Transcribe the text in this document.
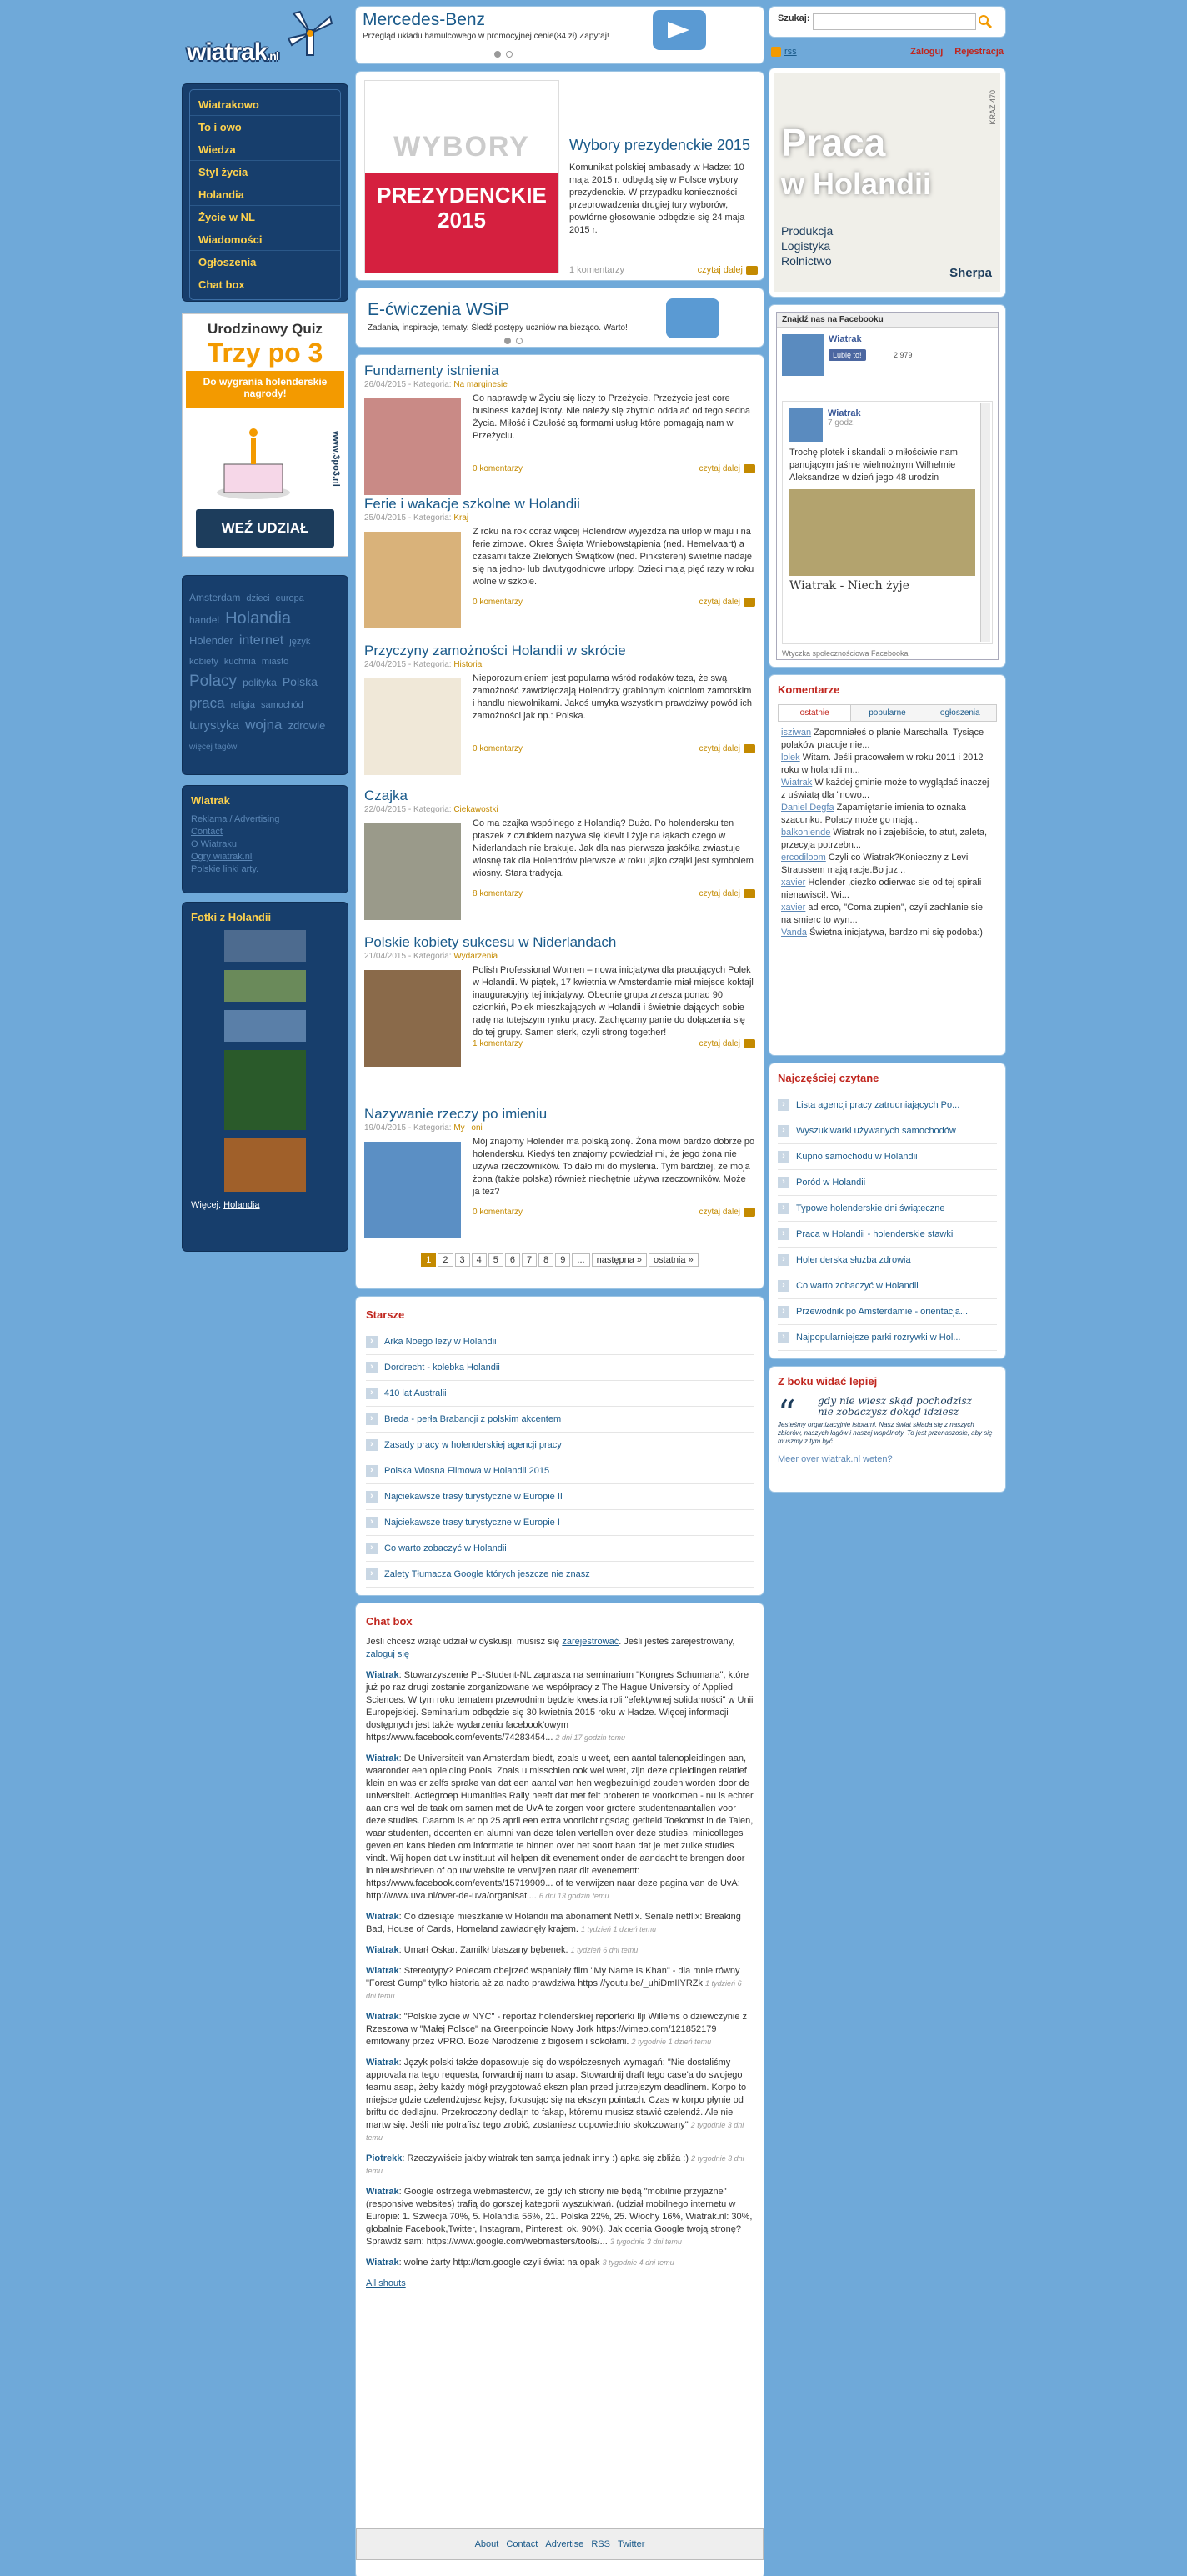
wiatrak.nl
Wiatrakowo
To i owo
Wiedza
Styl życia
Holandia
Życie w NL
Wiadomości
Ogłoszenia
Chat box
Urodzinowy Quiz
Trzy po 3
Do wygrania holenderskie nagrody!
www.3po3.nl
WEŹ UDZIAŁ
Amsterdam dzieci europa handel Holandia Holender internet język kobiety kuchnia miasto Polacy polityka Polska praca religia samochód turystyka wojna zdrowie więcej tagów
Wiatrak
Reklama / Advertising
Contact
O Wiatraku
Ogry wiatrak.nl
Polskie linki arty.
Fotki z Holandii
Więcej: Holandia
Mercedes-Benz
Przegląd układu hamulcowego w promocyjnej cenie(84 zł) Zapytaj!
WYBORY
PREZYDENCKIE 2015
Wybory prezydenckie 2015
Komunikat polskiej ambasady w Hadze: 10 maja 2015 r. odbędą się w Polsce wybory prezydenckie. W przypadku konieczności przeprowadzenia drugiej tury wyborów, powtórne głosowanie odbędzie się 24 maja 2015 r.
1 komentarzy	czytaj dalej
E-ćwiczenia WSiP
Zadania, inspiracje, tematy. Śledź postępy uczniów na bieżąco. Warto!
Fundamenty istnienia
26/04/2015 - Kategoria: Na marginesie
Co naprawdę w Życiu się liczy to Przeżycie. Przeżycie jest core business każdej istoty. Nie należy się zbytnio oddalać od tego sedna Życia. Miłość i Czułość są formami usług które pomagają nam w Przeżyciu.
0 komentarzy	czytaj dalej
Ferie i wakacje szkolne w Holandii
25/04/2015 - Kategoria: Kraj
Z roku na rok coraz więcej Holendrów wyjeżdża na urlop w maju i na ferie zimowe. Okres Święta Wniebowstąpienia (ned. Hemelvaart) a czasami także Zielonych Świątków (ned. Pinksteren) świetnie nadaje się na jedno- lub dwutygodniowe urlopy. Dzieci mają pięć razy w roku wolne w szkole.
0 komentarzy	czytaj dalej
Przyczyny zamożności Holandii w skrócie
24/04/2015 - Kategoria: Historia
Nieporozumieniem jest popularna wśród rodaków teza, że swą zamożność zawdzięczają Holendrzy grabionym koloniom zamorskim i handlu niewolnikami. Jakoś umyka wszystkim prawdziwy powód ich zamożności jak np.: Polska.
0 komentarzy	czytaj dalej
Czajka
22/04/2015 - Kategoria: Ciekawostki
Co ma czajka wspólnego z Holandią? Dużo. Po holendersku ten ptaszek z czubkiem nazywa się kievit i żyje na łąkach czego w Niderlandach nie brakuje. Jak dla nas pierwsza jaskółka zwiastuje wiosnę tak dla Holendrów pierwsze w roku jajko czajki jest symbolem wiosny. Stara tradycja.
8 komentarzy	czytaj dalej
Polskie kobiety sukcesu w Niderlandach
21/04/2015 - Kategoria: Wydarzenia
Polish Professional Women – nowa inicjatywa dla pracujących Polek w Holandii. W piątek, 17 kwietnia w Amsterdamie miał miejsce koktajl inauguracyjny tej inicjatywy. Obecnie grupa zrzesza ponad 90 członkiń, Polek mieszkających w Holandii i świetnie dających sobie radę na tutejszym rynku pracy. Zachęcamy panie do dołączenia się do tej grupy. Samen sterk, czyli strong together!
1 komentarzy	czytaj dalej
Nazywanie rzeczy po imieniu
19/04/2015 - Kategoria: My i oni
Mój znajomy Holender ma polską żonę. Żona mówi bardzo dobrze po holendersku. Kiedyś ten znajomy powiedział mi, że jego żona nie używa rzeczowników. To dało mi do myślenia. Tym bardziej, że moja żona (także polska) również niechętnie używa rzeczowników. Może ja też?
0 komentarzy	czytaj dalej
1 2 3 4 5 6 7 8 9 ... następna » ostatnia »
Starsze
› Arka Noego leży w Holandii
› Dordrecht - kolebka Holandii
› 410 lat Australii
› Breda - perła Brabancji z polskim akcentem
› Zasady pracy w holenderskiej agencji pracy
› Polska Wiosna Filmowa w Holandii 2015
› Najciekawsze trasy turystyczne w Europie II
› Najciekawsze trasy turystyczne w Europie I
› Co warto zobaczyć w Holandii
› Zalety Tłumacza Google których jeszcze nie znasz
Chat box
Jeśli chcesz wziąć udział w dyskusji, musisz się zarejestrować. Jeśli jesteś zarejestrowany, zaloguj się
Wiatrak: Stowarzyszenie PL-Student-NL zaprasza na seminarium "Kongres Schumana", które już po raz drugi zostanie zorganizowane we współpracy z The Hague University of Applied Sciences. W tym roku tematem przewodnim będzie kwestia roli "efektywnej solidarności" w Unii Europejskiej. Seminarium odbędzie się 30 kwietnia 2015 roku w Hadze. Więcej informacji dostępnych jest także wydarzeniu facebook'owym https://www.facebook.com/events/74283454... 2 dni 17 godzin temu
Wiatrak: De Universiteit van Amsterdam biedt, zoals u weet, een aantal talenopleidingen aan, waaronder een opleiding Pools. Zoals u misschien ook wel weet, zijn deze opleidingen relatief klein en was er zelfs sprake van dat een aantal van hen wegbezuinigd zouden worden door de universiteit. Actiegroep Humanities Rally heeft dat met feit proberen te voorkomen - nu is echter aan ons wel de taak om samen met de UvA te zorgen voor grotere studentenaantallen voor deze studies. Daarom is er op 25 april een extra voorlichtingsdag getiteld Toekomst in de Talen, waar studenten, docenten en alumni van deze talen vertellen over deze studies, minicolleges geven en kans bieden om informatie te binnen over het soort baan dat je met zulke studies vindt. Wij hopen dat uw instituut wil helpen dit evenement onder de aandacht te brengen door in nieuwsbrieven of op uw website te verwijzen naar dit evenement: https://www.facebook.com/events/15719909... of te verwijzen naar deze pagina van de UvA: http://www.uva.nl/over-de-uva/organisati... 6 dni 13 godzin temu
Wiatrak: Co dziesiąte mieszkanie w Holandii ma abonament Netflix. Seriale netflix: Breaking Bad, House of Cards, Homeland zawładnęły krajem. 1 tydzień 1 dzień temu
Wiatrak: Umarł Oskar. Zamilkł blaszany bębenek. 1 tydzień 6 dni temu
Wiatrak: Stereotypy? Polecam obejrzeć wspaniały film "My Name Is Khan" - dla mnie równy "Forest Gump" tylko historia aż za nadto prawdziwa https://youtu.be/_uhiDmIIYRZk 1 tydzień 6 dni temu
Wiatrak: "Polskie życie w NYC" - reportaż holenderskiej reporterki Ilji Willems o dziewczynie z Rzeszowa w "Małej Polsce" na Greenpoincie Nowy Jork https://vimeo.com/121852179 emitowany przez VPRO. Boże Narodzenie z bigosem i sokołami. 2 tygodnie 1 dzień temu
Wiatrak: Język polski także dopasowuje się do współczesnych wymagań: "Nie dostaliśmy approvala na tego requesta, forwardnij nam to asap. Stowardnij draft tego case'a do swojego teamu asap, żeby każdy mógł przygotować ekszn plan przed jutrzejszym deadlinem. Korpo to miejsce gdzie czelendżujesz kejsy, fokusując się na ekszyn pointach. Czas w korpo płynie od briftu do dedlajnu. Przekroczony dedlajn to fakap, któremu musisz stawić czelendż. Ale nie martw się. Jeśli nie potrafisz tego zrobić, zostaniesz odpowiednio skołczowany" 2 tygodnie 3 dni temu
Piotrekk: Rzeczywiście jakby wiatrak ten sam;a jednak inny :) apka się zbliża :) 2 tygodnie 3 dni temu
Wiatrak: Google ostrzega webmasterów, że gdy ich strony nie będą "mobilnie przyjazne" (responsive websites) trafią do gorszej kategorii wyszukiwań. (udział mobilnego internetu w Europie: 1. Szwecja 70%, 5. Holandia 56%, 21. Polska 22%, 25. Włochy 16%, Wiatrak.nl: 30%, globalnie Facebook,Twitter, Instagram, Pinterest: ok. 90%). Jak ocenia Google twoją stronę? Sprawdź sam: https://www.google.com/webmasters/tools/... 3 tygodnie 3 dni temu
Wiatrak: wolne żarty http://tcm.google czyli świat na opak 3 tygodnie 4 dni temu
All shouts
About Contact Advertise RSS Twitter
Szukaj:
rss	Zaloguj Rejestracja
Praca
w Holandii
Produkcja
Logistyka
Rolnictwo
Sherpa
KRAZ 470
Znajdź nas na Facebooku
Wiatrak
Lubię to!	2 979
Wiatrak
7 godz.
Trochę plotek i skandali o miłościwie nam panującym jaśnie wielmożnym Wilhelmie Aleksandrze w dzień jego 48 urodzin
Wiatrak - Niech żyje
Wtyczka społecznościowa Facebooka
Komentarze
ostatnie	popularne	ogłoszenia
isziwan Zapomniałeś o planie Marschalla. Tysiące polaków pracuje nie...
lolek Witam. Jeśli pracowałem w roku 2011 i 2012 roku w holandii m...
Wiatrak W każdej gminie może to wyglądać inaczej z uświatą dla "nowo...
Daniel Degfa Zapamiętanie imienia to oznaka szacunku. Polacy może go mają...
balkoniende Wiatrak no i zajebiście, to atut, zaleta, przecyja potrzebn...
ercodiloom Czyli co Wiatrak?Konieczny z Levi Straussem mają racje.Bo juz...
xavier Holender ,ciezko odierwac sie od tej spirali nienawisci!. Wi...
xavier ad erco, "Coma zupien", czyli zachlanie sie na smierc to wyn...
Vanda Świetna inicjatywa, bardzo mi się podoba:)
Najczęściej czytane
› Lista agencji pracy zatrudniających Po...
› Wyszukiwarki używanych samochodów
› Kupno samochodu w Holandii
› Poród w Holandii
› Typowe holenderskie dni świąteczne
› Praca w Holandii - holenderskie stawki
› Holenderska służba zdrowia
› Co warto zobaczyć w Holandii
› Przewodnik po Amsterdamie - orientacja...
› Najpopularniejsze parki rozrywki w Hol...
Z boku widać lepiej
“ gdy nie wiesz skąd pochodzisz
nie zobaczysz dokąd idziesz
Jesteśmy organizacyjnie istotami. Nasz świat składa się z naszych zbiorów, naszych łagów i naszej wspólnoty. To jest przenaszosie, aby się muszmy z tym być
Meer over wiatrak.nl weten?
